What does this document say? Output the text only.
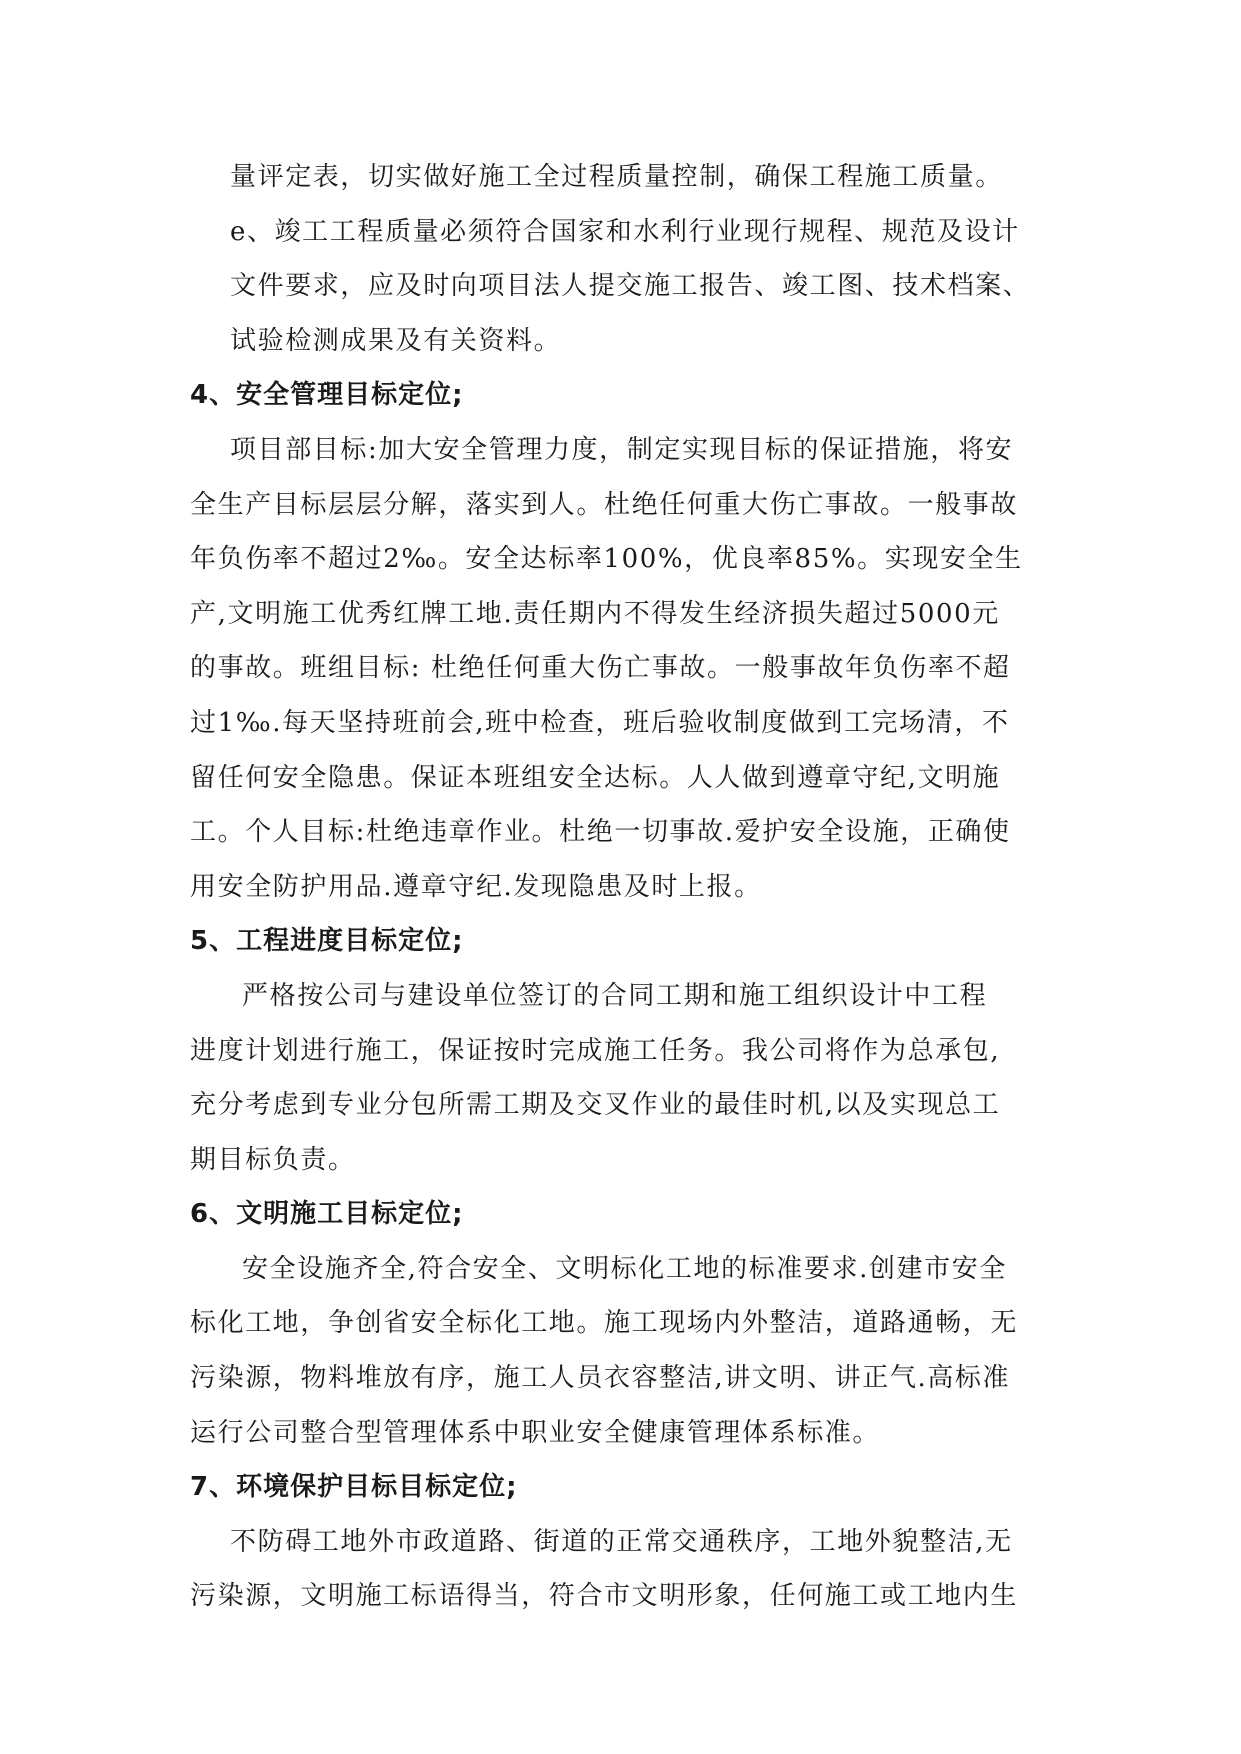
量评定表，切实做好施工全过程质量控制，确保工程施工质量。
e、竣工工程质量必须符合国家和水利行业现行规程、规范及设计
文件要求，应及时向项目法人提交施工报告、竣工图、技术档案、
试验检测成果及有关资料。
4、安全管理目标定位;
项目部目标:加大安全管理力度，制定实现目标的保证措施，将安
全生产目标层层分解，落实到人。杜绝任何重大伤亡事故。一般事故
年负伤率不超过2‰。安全达标率100%，优良率85%。实现安全生
产,文明施工优秀红牌工地.责任期内不得发生经济损失超过5000元
的事故。班组目标: 杜绝任何重大伤亡事故。一般事故年负伤率不超
过1‰.每天坚持班前会,班中检查，班后验收制度做到工完场清，不
留任何安全隐患。保证本班组安全达标。人人做到遵章守纪,文明施
工。个人目标:杜绝违章作业。杜绝一切事故.爱护安全设施，正确使
用安全防护用品.遵章守纪.发现隐患及时上报。
5、工程进度目标定位;
严格按公司与建设单位签订的合同工期和施工组织设计中工程
进度计划进行施工，保证按时完成施工任务。我公司将作为总承包,
充分考虑到专业分包所需工期及交叉作业的最佳时机,以及实现总工
期目标负责。
6、文明施工目标定位;
安全设施齐全,符合安全、文明标化工地的标准要求.创建市安全
标化工地，争创省安全标化工地。施工现场内外整洁，道路通畅，无
污染源，物料堆放有序，施工人员衣容整洁,讲文明、讲正气.高标准
运行公司整合型管理体系中职业安全健康管理体系标准。
7、环境保护目标目标定位;
不防碍工地外市政道路、街道的正常交通秩序，工地外貌整洁,无
污染源，文明施工标语得当，符合市文明形象，任何施工或工地内生
